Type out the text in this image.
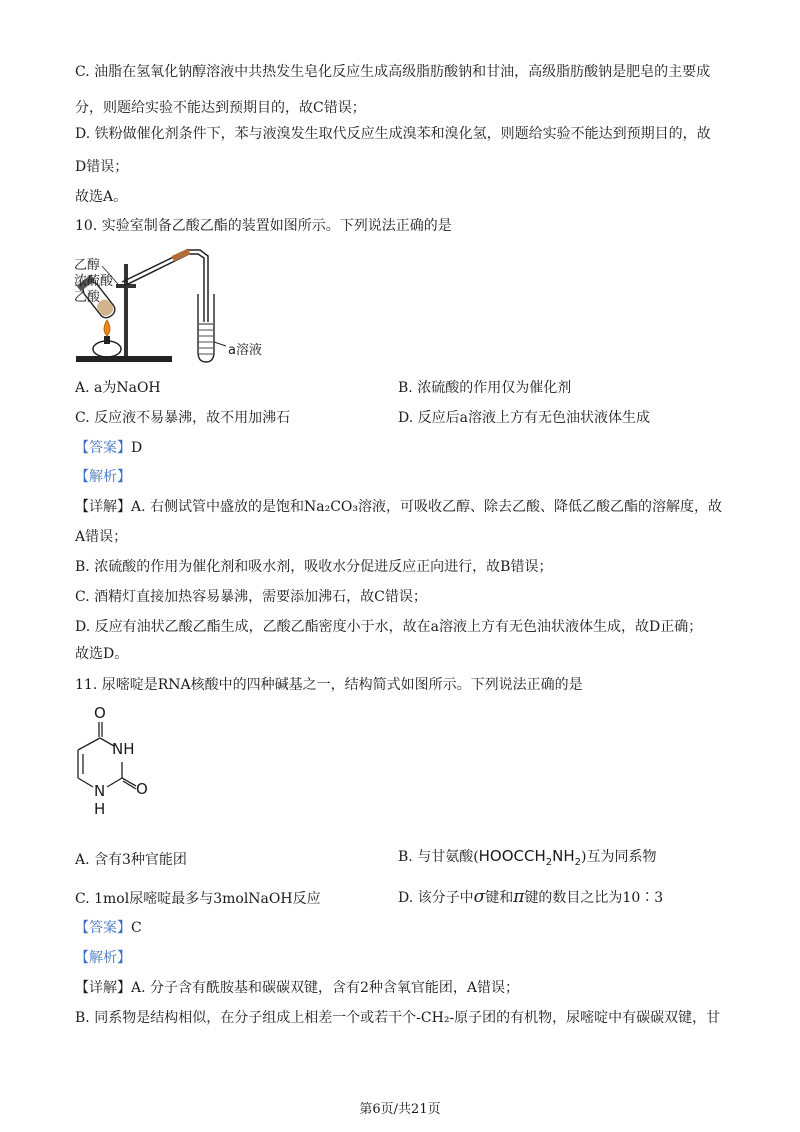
C. 油脂在氢氧化钠醇溶液中共热发生皂化反应生成高级脂肪酸钠和甘油，高级脂肪酸钠是肥皂的主要成
分，则题给实验不能达到预期目的，故C错误；
D. 铁粉做催化剂条件下，苯与液溴发生取代反应生成溴苯和溴化氢，则题给实验不能达到预期目的，故
D错误；
故选A。
10. 实验室制备乙酸乙酯的装置如图所示。下列说法正确的是
乙醇
浓硫酸
乙酸
a溶液
A. a为NaOH	B. 浓硫酸的作用仅为催化剂
C. 反应液不易暴沸，故不用加沸石	D. 反应后a溶液上方有无色油状液体生成
【答案】D
【解析】
【详解】A. 右侧试管中盛放的是饱和Na₂CO₃溶液，可吸收乙醇、除去乙酸、降低乙酸乙酯的溶解度，故
A错误；
B. 浓硫酸的作用为催化剂和吸水剂，吸收水分促进反应正向进行，故B错误；
C. 酒精灯直接加热容易暴沸，需要添加沸石，故C错误；
D. 反应有油状乙酸乙酯生成，乙酸乙酯密度小于水，故在a溶液上方有无色油状液体生成，故D正确；
故选D。
11. 尿嘧啶是RNA核酸中的四种碱基之一，结构简式如图所示。下列说法正确的是
O
NH
O
N
H
A. 含有3种官能团	B. 与甘氨酸$(HOOCCH_2NH_2)$互为同系物
C. 1mol尿嘧啶最多与3molNaOH反应	D. 该分子中σ键和π键的数目之比为10∶3
【答案】C
【解析】
【详解】A. 分子含有酰胺基和碳碳双键，含有2种含氧官能团，A错误；
B. 同系物是结构相似，在分子组成上相差一个或若干个-CH₂-原子团的有机物，尿嘧啶中有碳碳双键，甘
第6页/共21页
